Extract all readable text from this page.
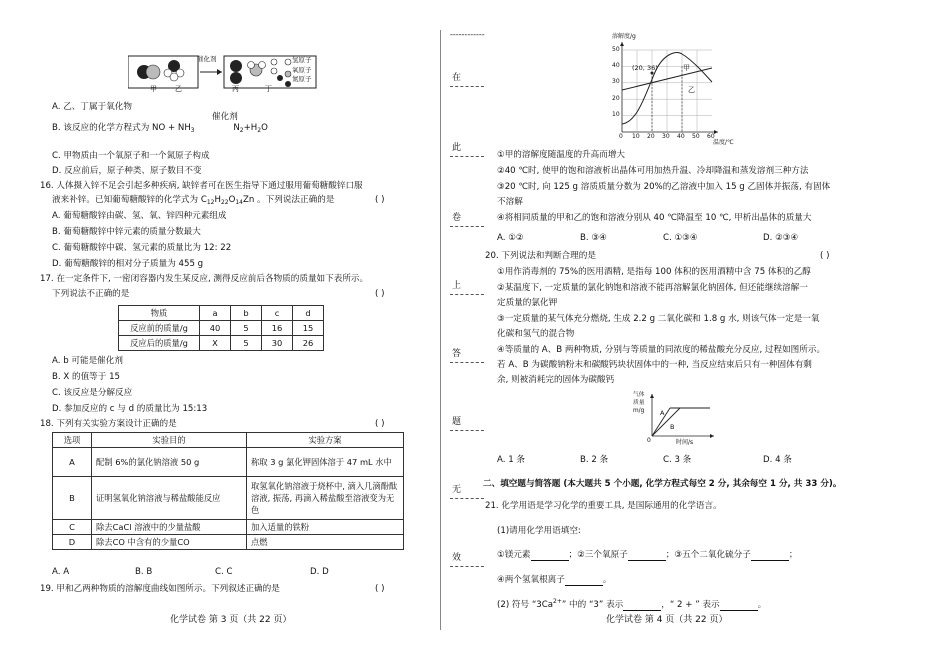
------------
催化剂	氢原子
氧原子
氮原子
甲	乙	丙	丁
A. 乙、丁属于氧化物
催化剂
B. 该反应的化学方程式为 NO + $NH_3$	$N_2+H_2O$
C. 甲物质由一个氧原子和一个氮原子构成
D. 反应前后，原子种类、原子数目不变
16. 人体摄入锌不足会引起多种疾病, 缺锌者可在医生指导下通过服用葡萄糖酸锌口服
液来补锌。已知葡萄糖酸锌的化学式为 $C_{12}H_{22}O_{14}Zn$ 。下列说法正确的是	( )
A. 葡萄糖酸锌由碳、氢、氧、锌四种元素组成
B. 葡萄糖酸锌中锌元素的质量分数最大
C. 葡萄糖酸锌中碳、氢元素的质量比为 12: 22
D. 葡萄糖酸锌的相对分子质量为 455 g
17. 在一定条件下, 一密闭容器内发生某反应, 测得反应前后各物质的质量如下表所示。
下列说法不正确的是	( )
物质	a	b	c	d
反应前的质量/g	40	5	16	15
反应后的质量/g	X	5	30	26
A. b 可能是催化剂
B. X 的值等于 15
C. 该反应是分解反应
D. 参加反应的 c 与 d 的质量比为 15:13
18. 下列有关实验方案设计正确的是	( )
选项	实验目的	实验方案
A	配制 6%的氯化钠溶液 50 g	称取 3 g 氯化钾固体溶于 47 mL 水中
B	证明氢氧化钠溶液与稀盐酸能反应	取氢氧化钠溶液于烧杯中, 滴入几滴酚酞溶液, 振荡, 再滴入稀盐酸至溶液变为无色
C	除去CaCl 溶液中的少量盐酸	加入适量的铁粉
D	除去CO 中含有的少量CO	点燃
A. A	B. B	C. C	D. D
19. 甲和乙两种物质的溶解度曲线如图所示。下列叙述正确的是	( )
化学试卷 第 3 页（共 22 页）
在
此
卷
上
答
题
无
效
溶解度/g
50
40
30
20
10
0 10 20 30 40 50 60
温度/℃
(20, 36)	甲
乙
①甲的溶解度随温度的升高而增大
②40 ℃时, 使甲的饱和溶液析出晶体可用加热升温、冷却降温和蒸发溶剂三种方法
③20 ℃时, 向 125 g 溶质质量分数为 20%的乙溶液中加入 15 g 乙固体并振荡, 有固体
不溶解
④将相同质量的甲和乙的饱和溶液分别从 40 ℃降温至 10 ℃, 甲析出晶体的质量大
A. ①②	B. ③④	C. ①③④	D. ②③④
20. 下列说法和判断合理的是	( )
①用作消毒剂的 75%的医用酒精, 是指每 100 体积的医用酒精中含 75 体积的乙醇
②某温度下, 一定质量的氯化钠饱和溶液不能再溶解氯化钠固体, 但还能继续溶解一
定质量的氯化钾
③一定质量的某气体充分燃烧, 生成 2.2 g 二氧化碳和 1.8 g 水, 则该气体一定是一氧
化碳和氢气的混合物
④等质量的 A、B 两种物质, 分别与等质量的同浓度的稀盐酸充分反应, 过程如图所示。
若 A、B 为碳酸钠粉末和碳酸钙块状固体中的一种, 当反应结束后只有一种固体有剩
余, 则被消耗完的固体为碳酸钙
气体
质量
m/g A
B
0	时间/s
A. 1 条	B. 2 条	C. 3 条	D. 4 条
二、填空题与简答题 (本大题共 5 个小题, 化学方程式每空 2 分, 其余每空 1 分, 共 33 分)。
21. 化学用语是学习化学的重要工具, 是国际通用的化学语言。
(1)请用化学用语填空:
①镁元素	；②三个氧原子	；③五个二氧化硫分子	；
④两个氢氧根离子	。
(2) 符号 “$3Ca^{2+}$” 中的 “3” 表示	，“ 2 + ” 表示	。
化学试卷 第 4 页（共 22 页）
